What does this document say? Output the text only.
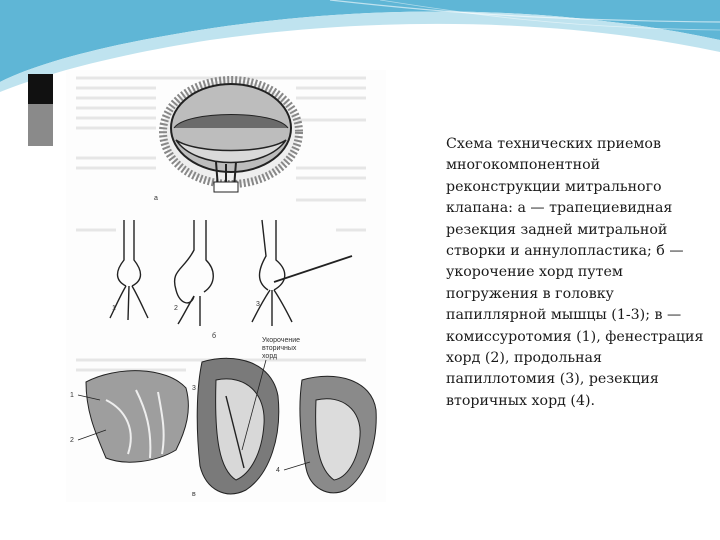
а
1	2
3
б
1
2
3
4
Укорочение
вторичных
хорд
в

Схема технических приемов многокомпонентной реконструкции митрального клапана: а — трапециевидная резекция задней митральной створки и аннулопластика; б — укорочение хорд путем погружения в головку папиллярной мышцы (1-3); в — комиссуротомия (1), фенестрация хорд (2), продольная папиллотомия (3), резекция вторичных хорд (4).
